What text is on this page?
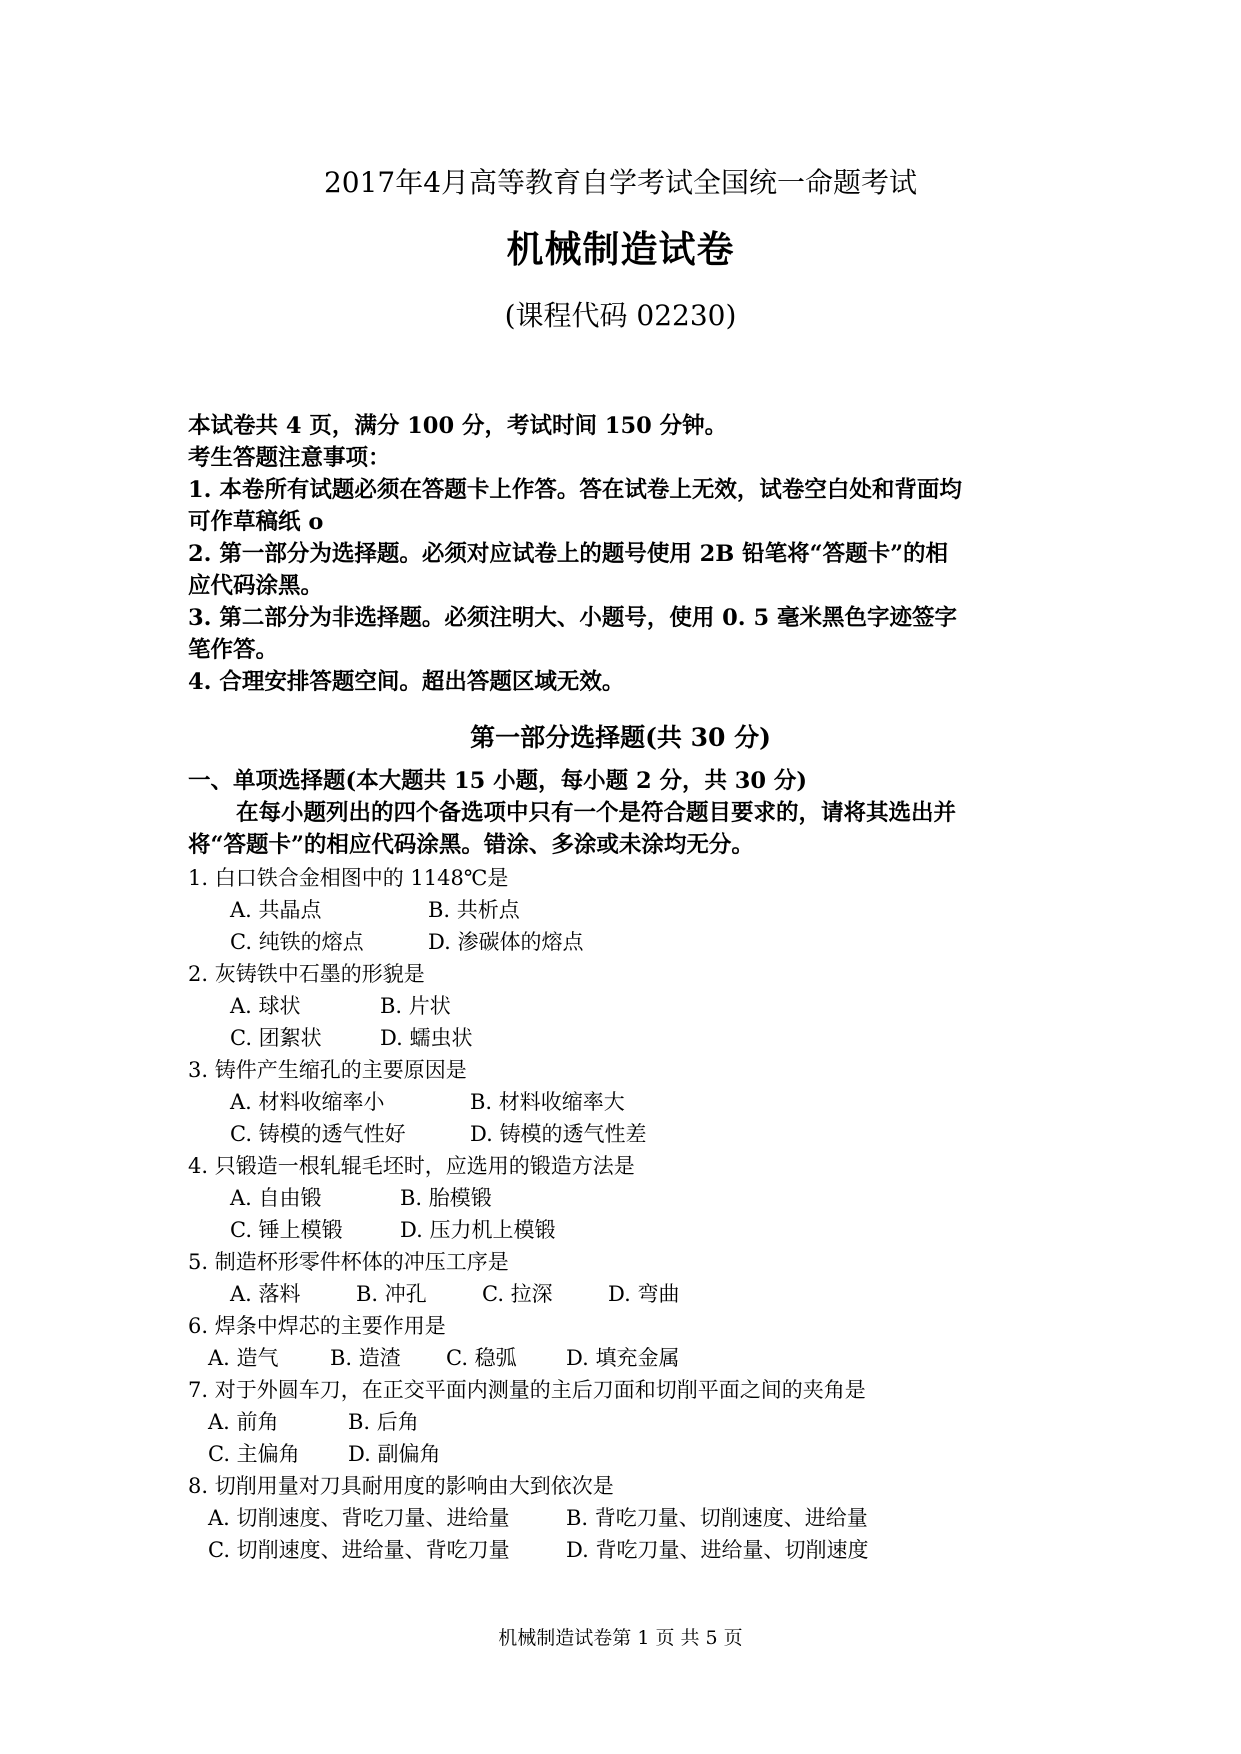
2017年4月高等教育自学考试全国统一命题考试
机械制造试卷
(课程代码 02230)
本试卷共 4 页，满分 100 分，考试时间 150 分钟。
考生答题注意事项：
1. 本卷所有试题必须在答题卡上作答。答在试卷上无效，试卷空白处和背面均
可作草稿纸 o
2. 第一部分为选择题。必须对应试卷上的题号使用 2B 铅笔将“答题卡”的相
应代码涂黑。
3. 第二部分为非选择题。必须注明大、小题号，使用 0. 5 毫米黑色字迹签字
笔作答。
4. 合理安排答题空间。超出答题区域无效。
第一部分选择题(共 30 分)
一、单项选择题(本大题共 15 小题，每小题 2 分，共 30 分)
在每小题列出的四个备选项中只有一个是符合题目要求的，请将其选出并
将“答题卡”的相应代码涂黑。错涂、多涂或未涂均无分。
1. 白口铁合金相图中的 1148℃是
A. 共晶点	B. 共析点
C. 纯铁的熔点	D. 渗碳体的熔点
2. 灰铸铁中石墨的形貌是
A. 球状	B. 片状
C. 团絮状	D. 蠕虫状
3. 铸件产生缩孔的主要原因是
A. 材料收缩率小	B. 材料收缩率大
C. 铸模的透气性好	D. 铸模的透气性差
4. 只锻造一根轧辊毛坯时，应选用的锻造方法是
A. 自由锻	B. 胎模锻
C. 锤上模锻	D. 压力机上模锻
5. 制造杯形零件杯体的冲压工序是
A. 落料	B. 冲孔	C. 拉深	D. 弯曲
6. 焊条中焊芯的主要作用是
A. 造气 B. 造渣 C. 稳弧 D. 填充金属
7. 对于外圆车刀，在正交平面内测量的主后刀面和切削平面之间的夹角是
A. 前角	B. 后角
C. 主偏角 D. 副偏角
8. 切削用量对刀具耐用度的影响由大到依次是
A. 切削速度、背吃刀量、进给量	B. 背吃刀量、切削速度、进给量
C. 切削速度、进给量、背吃刀量	D. 背吃刀量、进给量、切削速度
机械制造试卷第 1 页 共 5 页
